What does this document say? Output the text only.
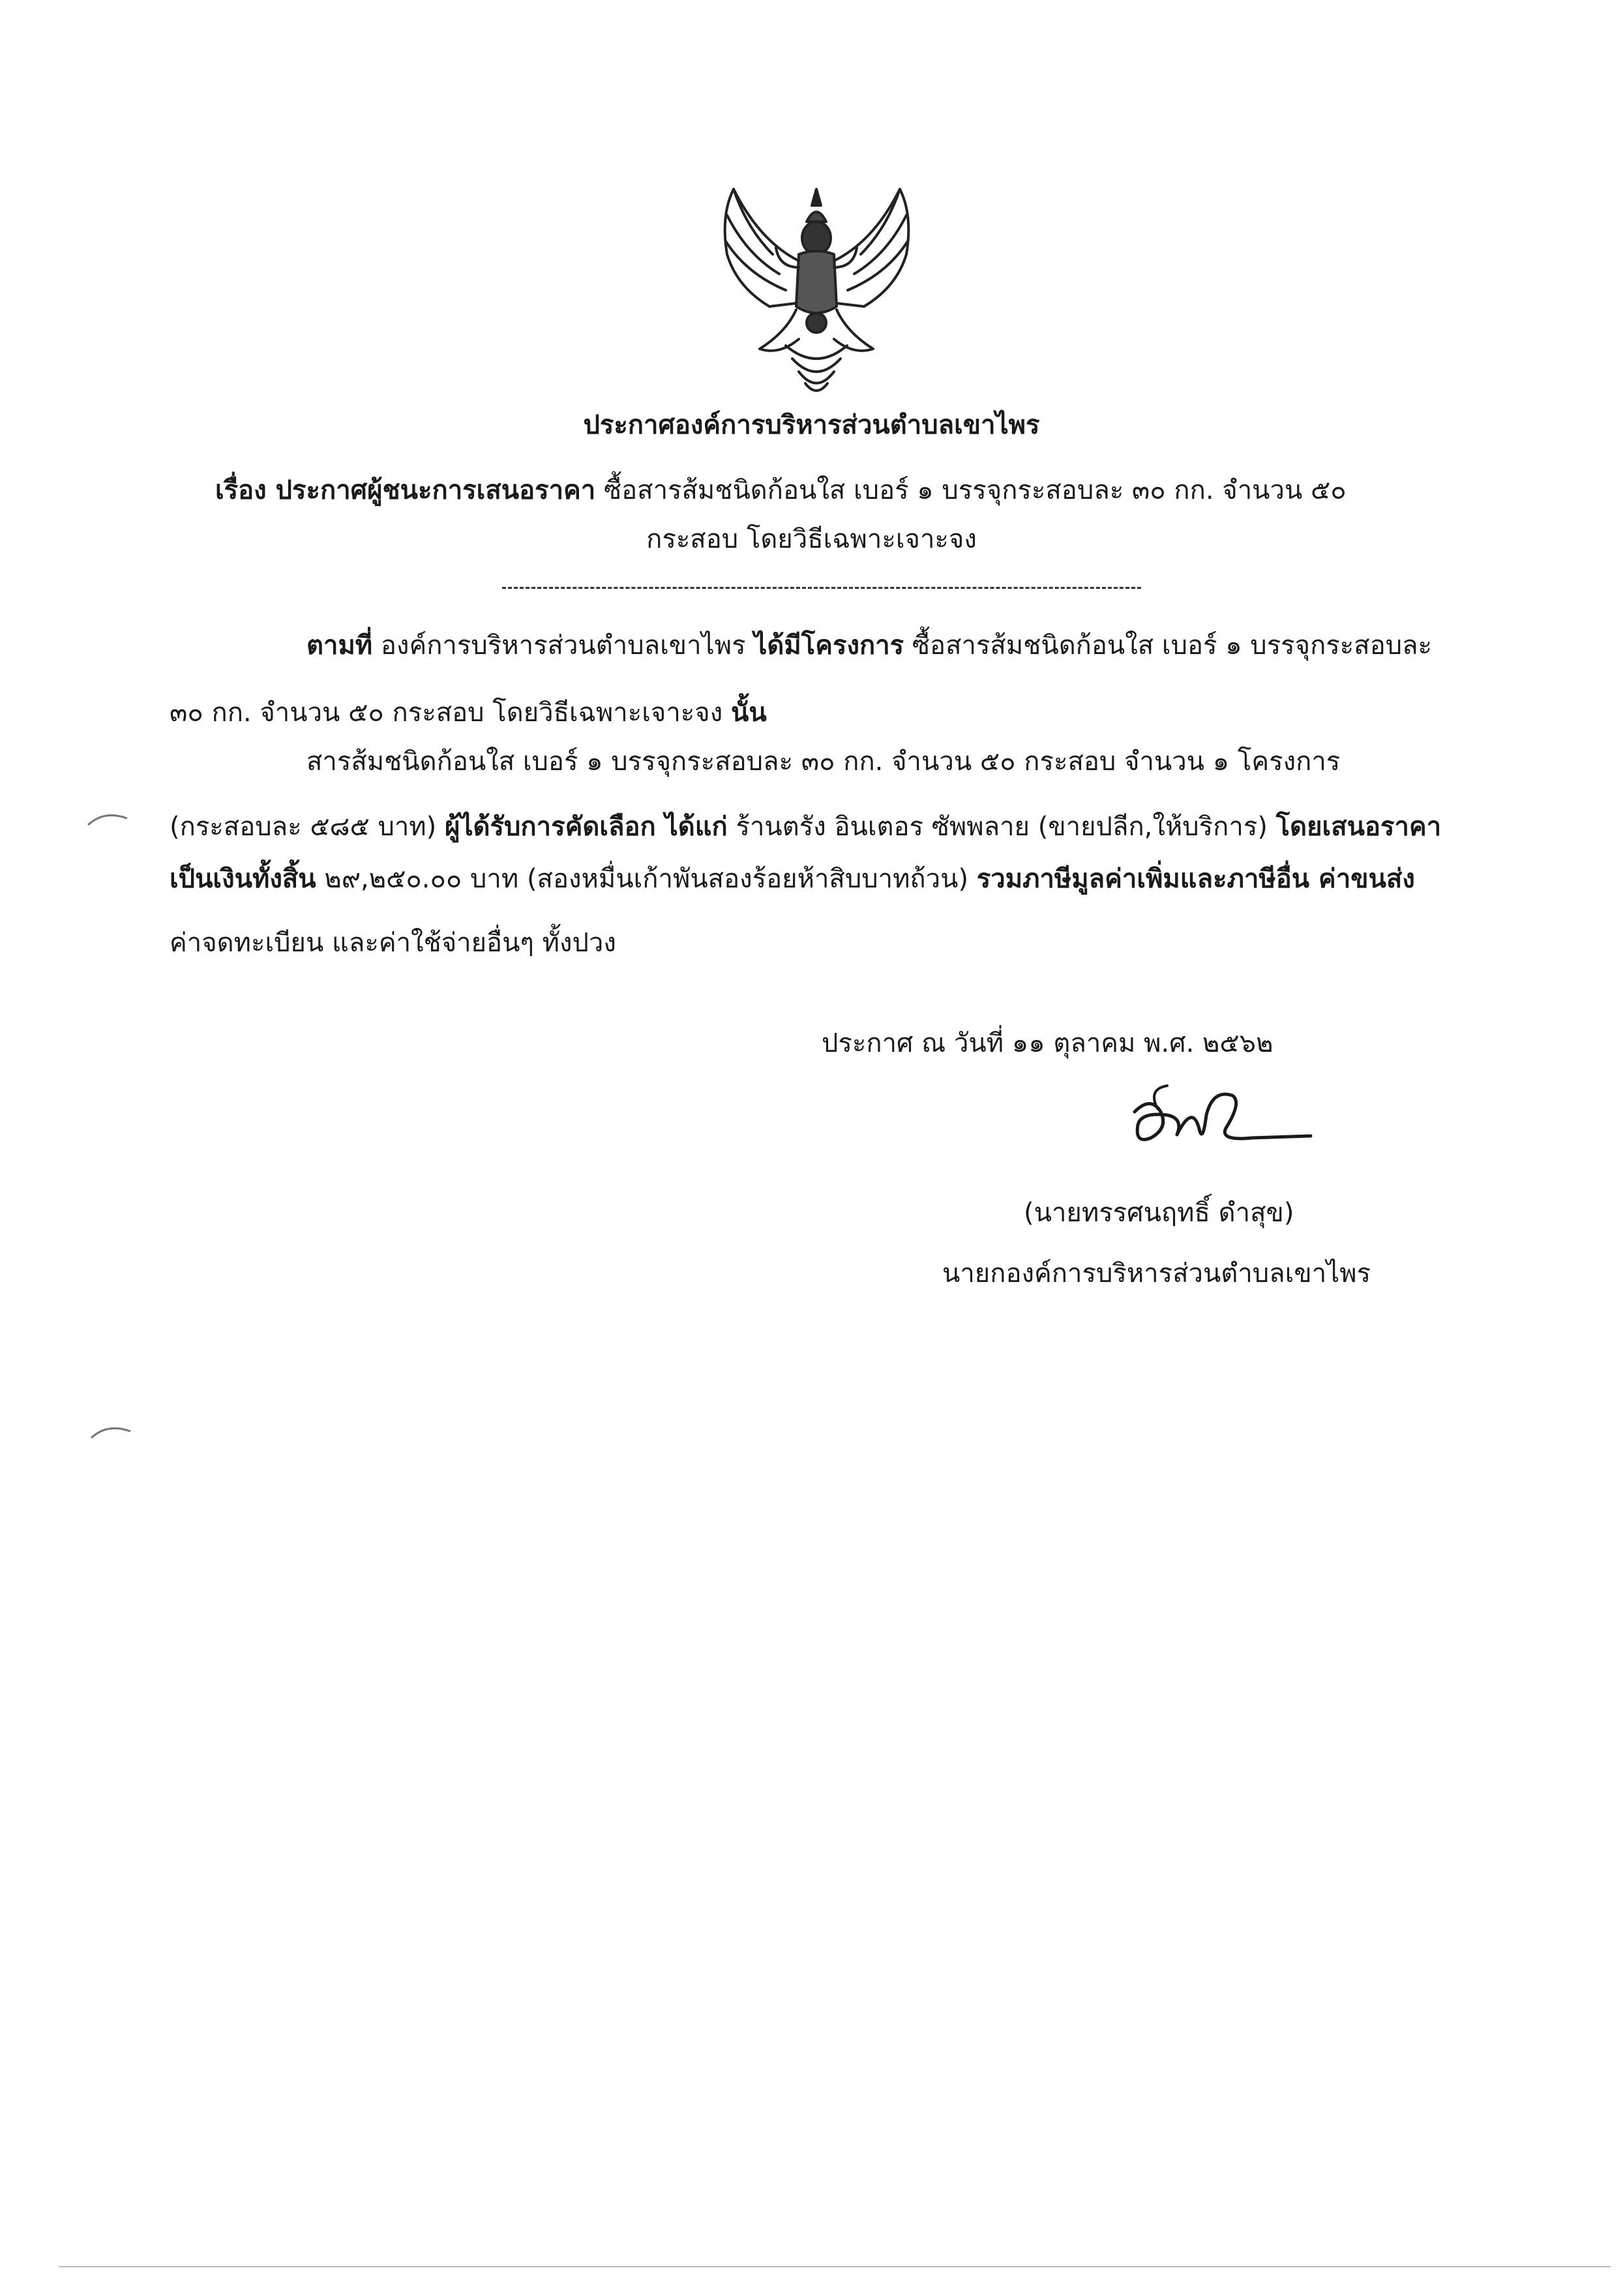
ประกาศองค์การบริหารส่วนตำบลเขาไพร
เรื่อง ประกาศผู้ชนะการเสนอราคา ซื้อสารส้มชนิดก้อนใส เบอร์ ๑ บรรจุกระสอบละ ๓๐ กก. จำนวน ๕๐
กระสอบ โดยวิธีเฉพาะเจาะจง
ตามที่ องค์การบริหารส่วนตำบลเขาไพร ได้มีโครงการ ซื้อสารส้มชนิดก้อนใส เบอร์ ๑ บรรจุกระสอบละ
๓๐ กก. จำนวน ๕๐ กระสอบ โดยวิธีเฉพาะเจาะจง นั้น
สารส้มชนิดก้อนใส เบอร์ ๑ บรรจุกระสอบละ ๓๐ กก. จำนวน ๕๐ กระสอบ จำนวน ๑ โครงการ
(กระสอบละ ๕๘๕ บาท) ผู้ได้รับการคัดเลือก ได้แก่ ร้านตรัง อินเตอร ซัพพลาย (ขายปลีก,ให้บริการ) โดยเสนอราคา
เป็นเงินทั้งสิ้น ๒๙,๒๕๐.๐๐ บาท (สองหมื่นเก้าพันสองร้อยห้าสิบบาทถ้วน) รวมภาษีมูลค่าเพิ่มและภาษีอื่น ค่าขนส่ง
ค่าจดทะเบียน และค่าใช้จ่ายอื่นๆ ทั้งปวง
ประกาศ ณ วันที่ ๑๑ ตุลาคม พ.ศ. ๒๕๖๒
(นายทรรศนฤทธิ์ ดำสุข)
นายกองค์การบริหารส่วนตำบลเขาไพร
